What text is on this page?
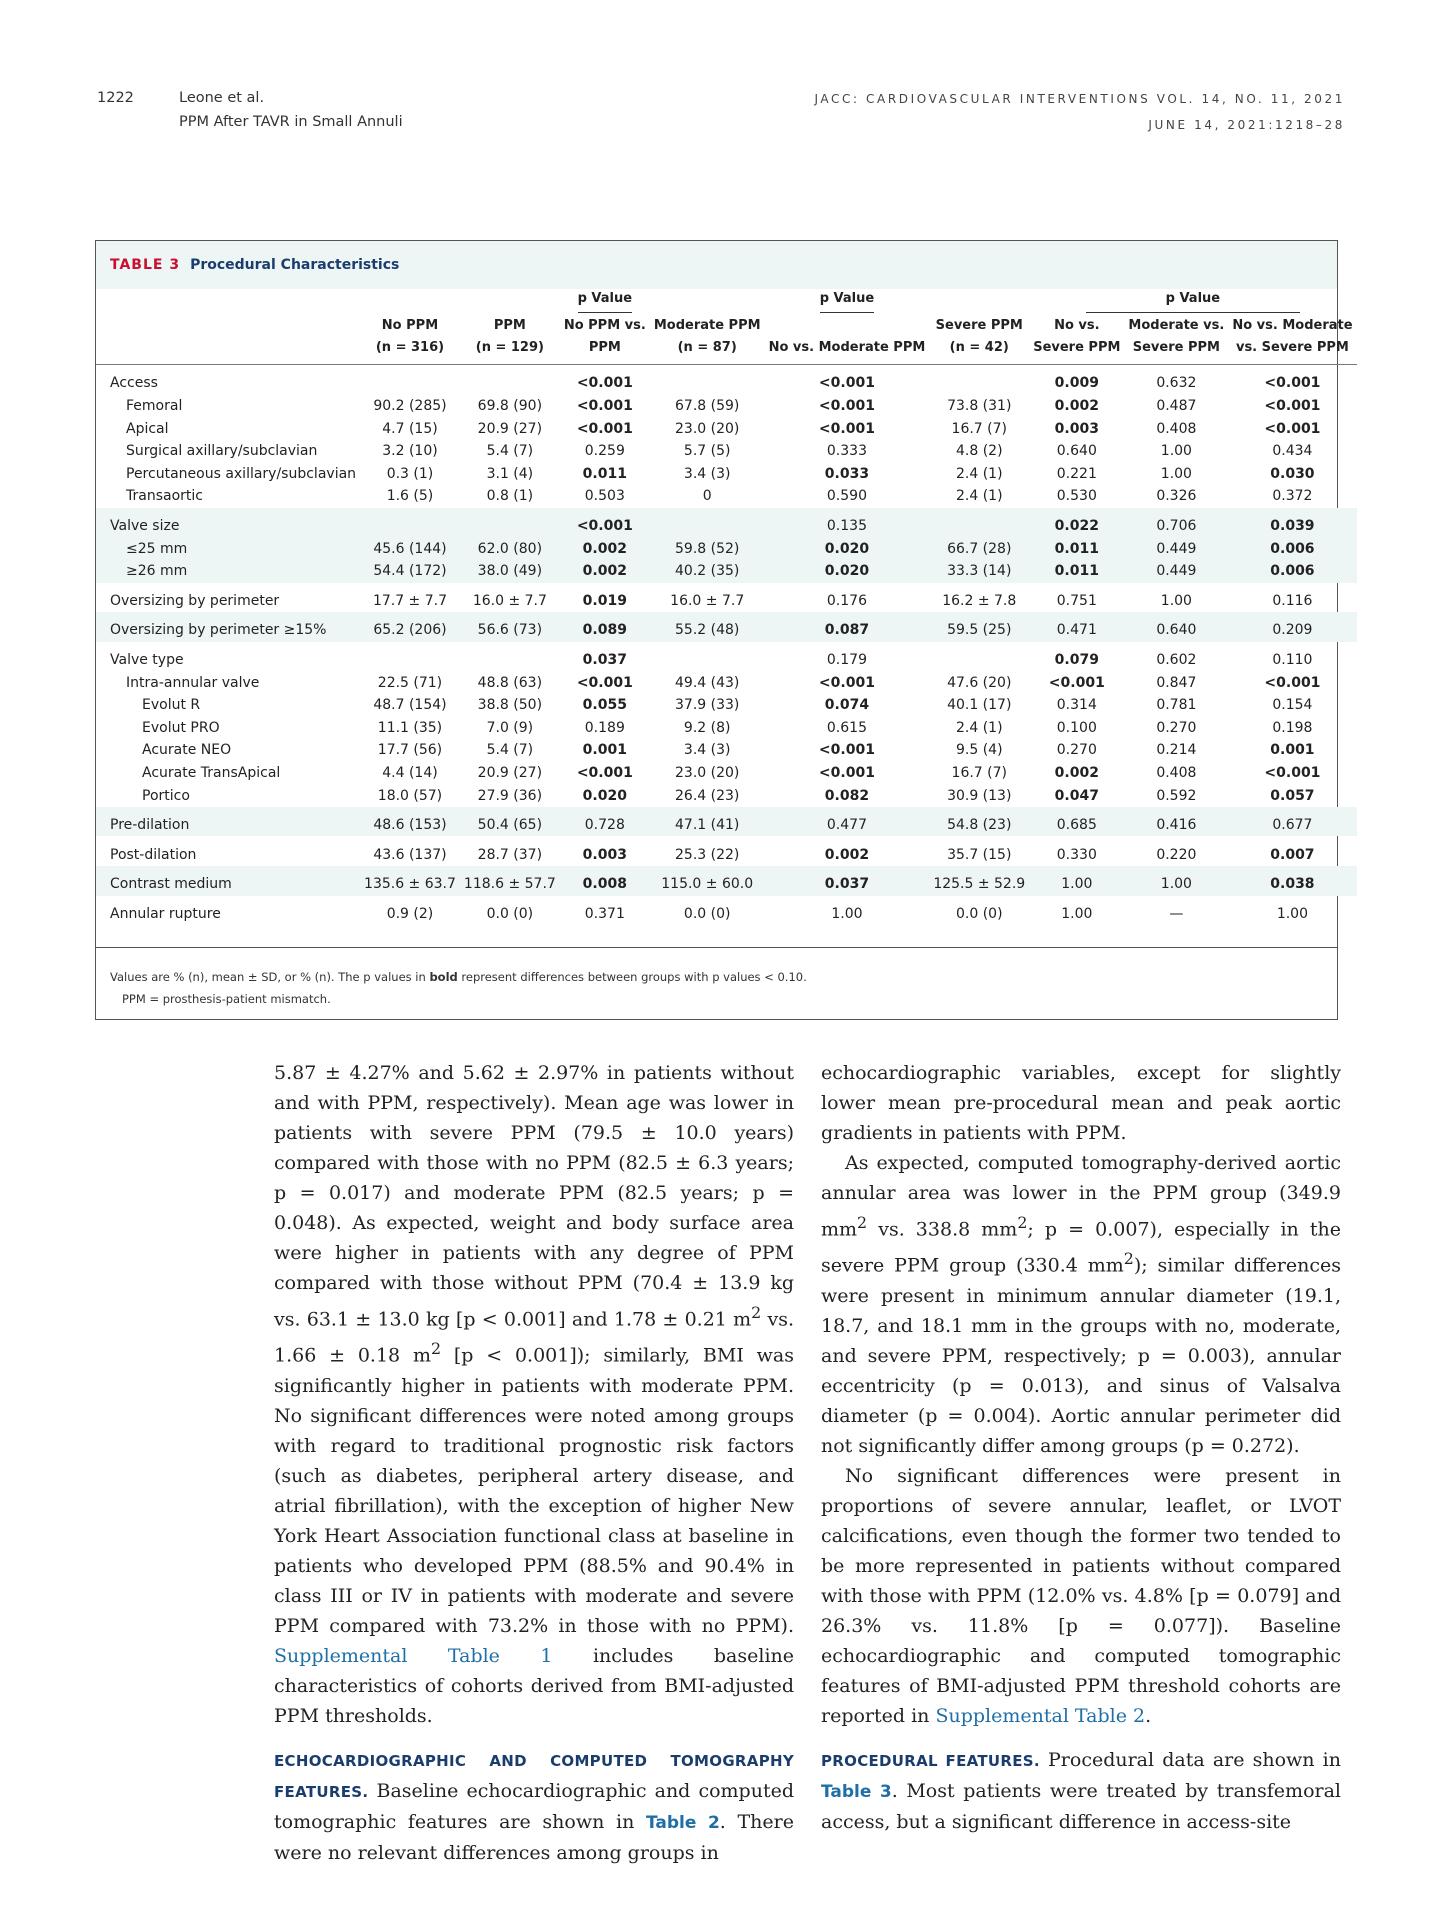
1222	Leone et al.
PPM After TAVR in Small Annuli
JACC: CARDIOVASCULAR INTERVENTIONS VOL. 14, NO. 11, 2021
JUNE 14, 2021:1218–28
TABLE 3 Procedural Characteristics
			p Value		p Value		p Value		
	No PPM	PPM	No PPM vs.	Moderate PPM		Severe PPM	No vs.	Moderate vs.	No vs. Moderate
	(n = 316)	(n = 129)	PPM	(n = 87)	No vs. Moderate PPM	(n = 42)	Severe PPM	Severe PPM	vs. Severe PPM

Access			<0.001		<0.001		0.009	0.632	<0.001
Femoral	90.2 (285)	69.8 (90)	<0.001	67.8 (59)	<0.001	73.8 (31)	0.002	0.487	<0.001
Apical	4.7 (15)	20.9 (27)	<0.001	23.0 (20)	<0.001	16.7 (7)	0.003	0.408	<0.001
Surgical axillary/subclavian	3.2 (10)	5.4 (7)	0.259	5.7 (5)	0.333	4.8 (2)	0.640	1.00	0.434
Percutaneous axillary/subclavian	0.3 (1)	3.1 (4)	0.011	3.4 (3)	0.033	2.4 (1)	0.221	1.00	0.030
Transaortic	1.6 (5)	0.8 (1)	0.503	0	0.590	2.4 (1)	0.530	0.326	0.372

Valve size			<0.001		0.135		0.022	0.706	0.039
≤25 mm	45.6 (144)	62.0 (80)	0.002	59.8 (52)	0.020	66.7 (28)	0.011	0.449	0.006
≥26 mm	54.4 (172)	38.0 (49)	0.002	40.2 (35)	0.020	33.3 (14)	0.011	0.449	0.006

Oversizing by perimeter	17.7 ± 7.7	16.0 ± 7.7	0.019	16.0 ± 7.7	0.176	16.2 ± 7.8	0.751	1.00	0.116

Oversizing by perimeter ≥15%	65.2 (206)	56.6 (73)	0.089	55.2 (48)	0.087	59.5 (25)	0.471	0.640	0.209

Valve type			0.037		0.179		0.079	0.602	0.110
Intra-annular valve	22.5 (71)	48.8 (63)	<0.001	49.4 (43)	<0.001	47.6 (20)	<0.001	0.847	<0.001
Evolut R	48.7 (154)	38.8 (50)	0.055	37.9 (33)	0.074	40.1 (17)	0.314	0.781	0.154
Evolut PRO	11.1 (35)	7.0 (9)	0.189	9.2 (8)	0.615	2.4 (1)	0.100	0.270	0.198
Acurate NEO	17.7 (56)	5.4 (7)	0.001	3.4 (3)	<0.001	9.5 (4)	0.270	0.214	0.001
Acurate TransApical	4.4 (14)	20.9 (27)	<0.001	23.0 (20)	<0.001	16.7 (7)	0.002	0.408	<0.001
Portico	18.0 (57)	27.9 (36)	0.020	26.4 (23)	0.082	30.9 (13)	0.047	0.592	0.057

Pre-dilation	48.6 (153)	50.4 (65)	0.728	47.1 (41)	0.477	54.8 (23)	0.685	0.416	0.677

Post-dilation	43.6 (137)	28.7 (37)	0.003	25.3 (22)	0.002	35.7 (15)	0.330	0.220	0.007

Contrast medium	135.6 ± 63.7	118.6 ± 57.7	0.008	115.0 ± 60.0	0.037	125.5 ± 52.9	1.00	1.00	0.038

Annular rupture	0.9 (2)	0.0 (0)	0.371	0.0 (0)	1.00	0.0 (0)	1.00	—	1.00
Values are % (n), mean ± SD, or % (n). The p values in bold represent differences between groups with p values < 0.10.
PPM = prosthesis-patient mismatch.

5.87 ± 4.27% and 5.62 ± 2.97% in patients without and with PPM, respectively). Mean age was lower in patients with severe PPM (79.5 ± 10.0 years) compared with those with no PPM (82.5 ± 6.3 years; p = 0.017) and moderate PPM (82.5 years; p = 0.048). As expected, weight and body surface area were higher in patients with any degree of PPM compared with those without PPM (70.4 ± 13.9 kg vs. 63.1 ± 13.0 kg [p < 0.001] and 1.78 ± 0.21 $m^2$ vs. 1.66 ± 0.18 $m^2$ [p < 0.001]); similarly, BMI was significantly higher in patients with moderate PPM. No significant differences were noted among groups with regard to traditional prognostic risk factors (such as diabetes, peripheral artery disease, and atrial fibrillation), with the exception of higher New York Heart Association functional class at baseline in patients who developed PPM (88.5% and 90.4% in class III or IV in patients with moderate and severe PPM compared with 73.2% in those with no PPM). Supplemental Table 1 includes baseline characteristics of cohorts derived from BMI-adjusted PPM thresholds.

ECHOCARDIOGRAPHIC AND COMPUTED TOMOGRAPHY FEATURES. Baseline echocardiographic and computed tomographic features are shown in Table 2. There were no relevant differences among groups in

echocardiographic variables, except for slightly lower mean pre-procedural mean and peak aortic gradients in patients with PPM.

As expected, computed tomography-derived aortic annular area was lower in the PPM group (349.9 $mm^2$ vs. 338.8 $mm^2$; p = 0.007), especially in the severe PPM group (330.4 $mm^2$); similar differences were present in minimum annular diameter (19.1, 18.7, and 18.1 mm in the groups with no, moderate, and severe PPM, respectively; p = 0.003), annular eccentricity (p = 0.013), and sinus of Valsalva diameter (p = 0.004). Aortic annular perimeter did not significantly differ among groups (p = 0.272).

No significant differences were present in proportions of severe annular, leaflet, or LVOT calcifications, even though the former two tended to be more represented in patients without compared with those with PPM (12.0% vs. 4.8% [p = 0.079] and 26.3% vs. 11.8% [p = 0.077]). Baseline echocardiographic and computed tomographic features of BMI-adjusted PPM threshold cohorts are reported in Supplemental Table 2.

PROCEDURAL FEATURES. Procedural data are shown in Table 3. Most patients were treated by transfemoral access, but a significant difference in access-site
